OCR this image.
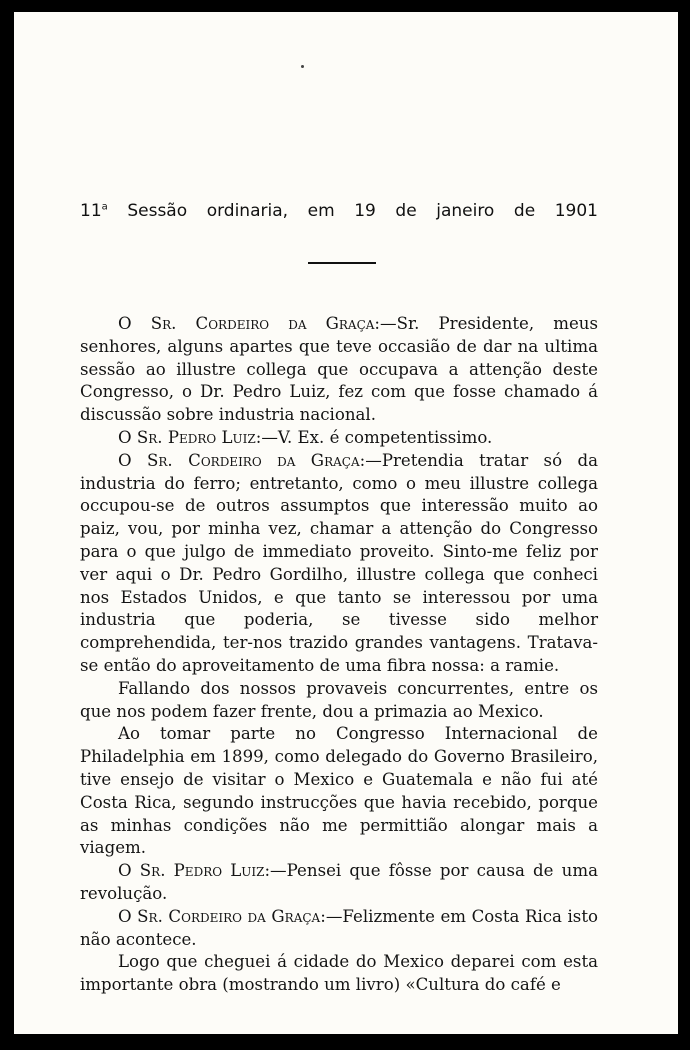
11$^a$ Sessão ordinaria, em 19 de janeiro de 1901

O Sr. Cordeiro da Graça:—Sr. Presidente, meus senhores, alguns apartes que teve occasião de dar na ultima sessão ao illustre collega que occupava a attenção deste Congresso, o Dr. Pedro Luiz, fez com que fosse chamado á discussão sobre industria nacional.

O Sr. Pedro Luiz:—V. Ex. é competentissimo.

O Sr. Cordeiro da Graça:—Pretendia tratar só da industria do ferro; entretanto, como o meu illustre collega occupou-se de outros assumptos que interessão muito ao paiz, vou, por minha vez, chamar a attenção do Congresso para o que julgo de immediato proveito. Sinto-me feliz por ver aqui o Dr. Pedro Gordilho, illustre collega que conheci nos Estados Unidos, e que tanto se interessou por uma industria que poderia, se tivesse sido melhor comprehendida, ter-nos trazido grandes vantagens. Tratava-se então do aproveitamento de uma fibra nossa: a ramie.

Fallando dos nossos provaveis concurrentes, entre os que nos podem fazer frente, dou a primazia ao Mexico.

Ao tomar parte no Congresso Internacional de Philadelphia em 1899, como delegado do Governo Brasileiro, tive ensejo de visitar o Mexico e Guatemala e não fui até Costa Rica, segundo instrucções que havia recebido, porque as minhas condições não me permittião alongar mais a viagem.

O Sr. Pedro Luiz:—Pensei que fôsse por causa de uma revolução.

O Sr. Cordeiro da Graça:—Felizmente em Costa Rica isto não acontece.

Logo que cheguei á cidade do Mexico deparei com esta importante obra (mostrando um livro) «Cultura do café e
